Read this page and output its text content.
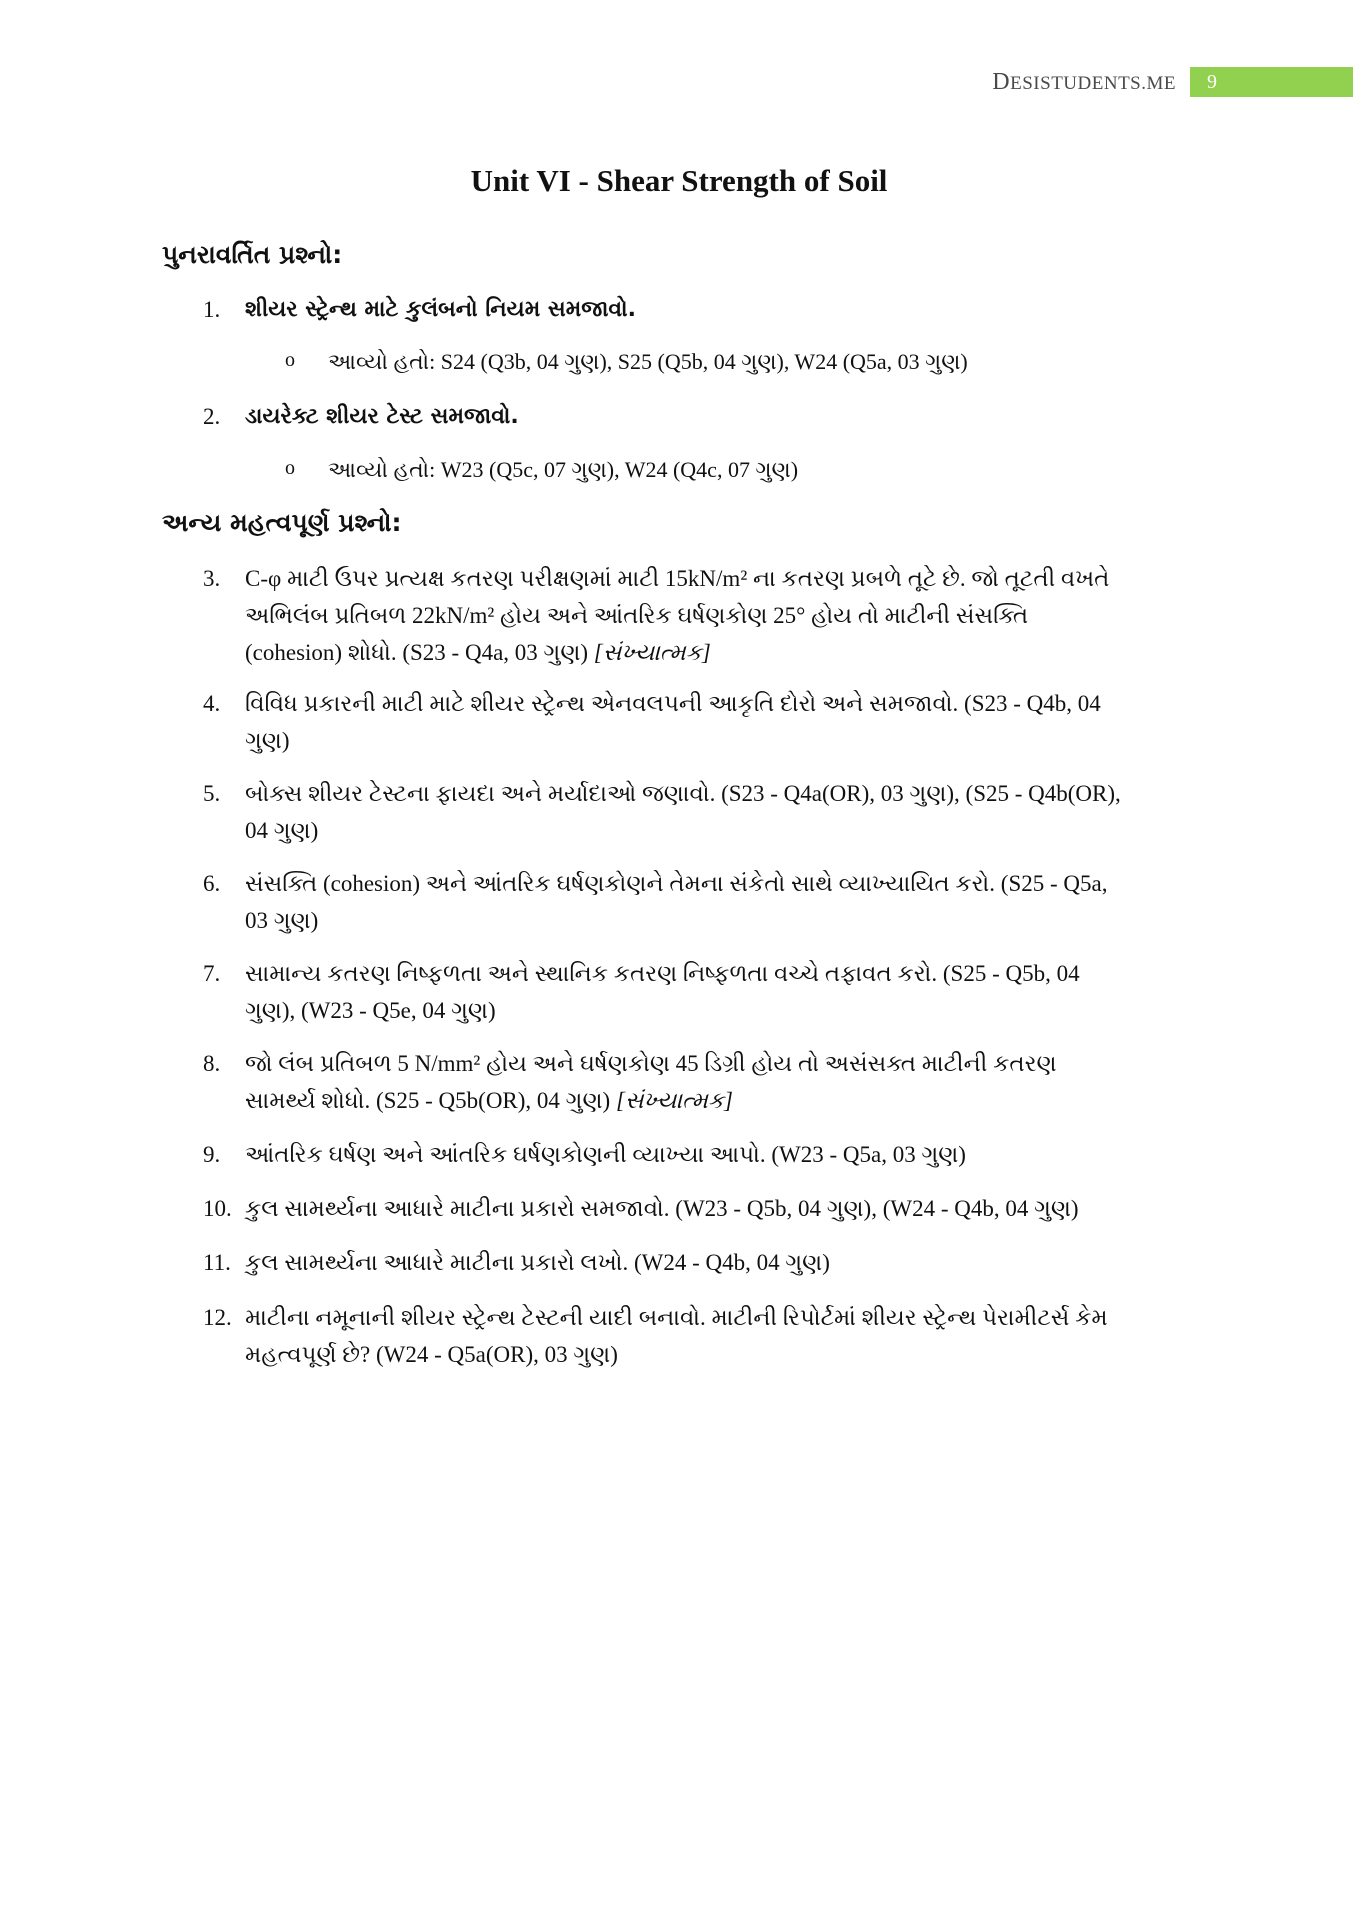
DESISTUDENTS.ME 9
Unit VI - Shear Strength of Soil
પુનરાવર્તિત પ્રશ્નો:
1.	શીયર સ્ટ્રેન્થ માટે કુલંબનો નિયમ સમજાવો.
o આવ્યો હતો: S24 (Q3b, 04 ગુણ), S25 (Q5b, 04 ગુણ), W24 (Q5a, 03 ગુણ)
2.	ડાયરેક્ટ શીયર ટેસ્ટ સમજાવો.
o આવ્યો હતો: W23 (Q5c, 07 ગુણ), W24 (Q4c, 07 ગુણ)
અન્ય મહત્વપૂર્ણ પ્રશ્નો:
3.	C-φ માટી ઉપર પ્રત્યક્ષ કતરણ પરીક્ષણમાં માટી 15kN/m² ના કતરણ પ્રબળે તૂટે છે. જો તૂટતી વખતે
અભિલંબ પ્રતિબળ 22kN/m² હોય અને આંતરિક ઘર્ષણકોણ 25° હોય તો માટીની સંસક્તિ
(cohesion) શોધો. (S23 - Q4a, 03 ગુણ) [સંખ્યાત્મક]
4.	વિવિધ પ્રકારની માટી માટે શીયર સ્ટ્રેન્થ એનવલપની આકૃતિ દોરો અને સમજાવો. (S23 - Q4b, 04
ગુણ)
5.	બોક્સ શીયર ટેસ્ટના ફાયદા અને મર્યાદાઓ જણાવો. (S23 - Q4a(OR), 03 ગુણ), (S25 - Q4b(OR),
04 ગુણ)
6.	સંસક્તિ (cohesion) અને આંતરિક ઘર્ષણકોણને તેમના સંકેતો સાથે વ્યાખ્યાયિત કરો. (S25 - Q5a,
03 ગુણ)
7.	સામાન્ય કતરણ નિષ્ફળતા અને સ્થાનિક કતરણ નિષ્ફળતા વચ્ચે તફાવત કરો. (S25 - Q5b, 04
ગુણ), (W23 - Q5e, 04 ગુણ)
8.	જો લંબ પ્રતિબળ 5 N/mm² હોય અને ઘર્ષણકોણ 45 ડિગ્રી હોય તો અસંસક્ત માટીની કતરણ
સામર્થ્ય શોધો. (S25 - Q5b(OR), 04 ગુણ) [સંખ્યાત્મક]
9.	આંતરિક ઘર્ષણ અને આંતરિક ઘર્ષણકોણની વ્યાખ્યા આપો. (W23 - Q5a, 03 ગુણ)
10. કુલ સામર્થ્યના આધારે માટીના પ્રકારો સમજાવો. (W23 - Q5b, 04 ગુણ), (W24 - Q4b, 04 ગુણ)
11. કુલ સામર્થ્યના આધારે માટીના પ્રકારો લખો. (W24 - Q4b, 04 ગુણ)
12. માટીના નમૂનાની શીયર સ્ટ્રેન્થ ટેસ્ટની યાદી બનાવો. માટીની રિપોર્ટમાં શીયર સ્ટ્રેન્થ પેરામીટર્સ કેમ
મહત્વપૂર્ણ છે? (W24 - Q5a(OR), 03 ગુણ)
